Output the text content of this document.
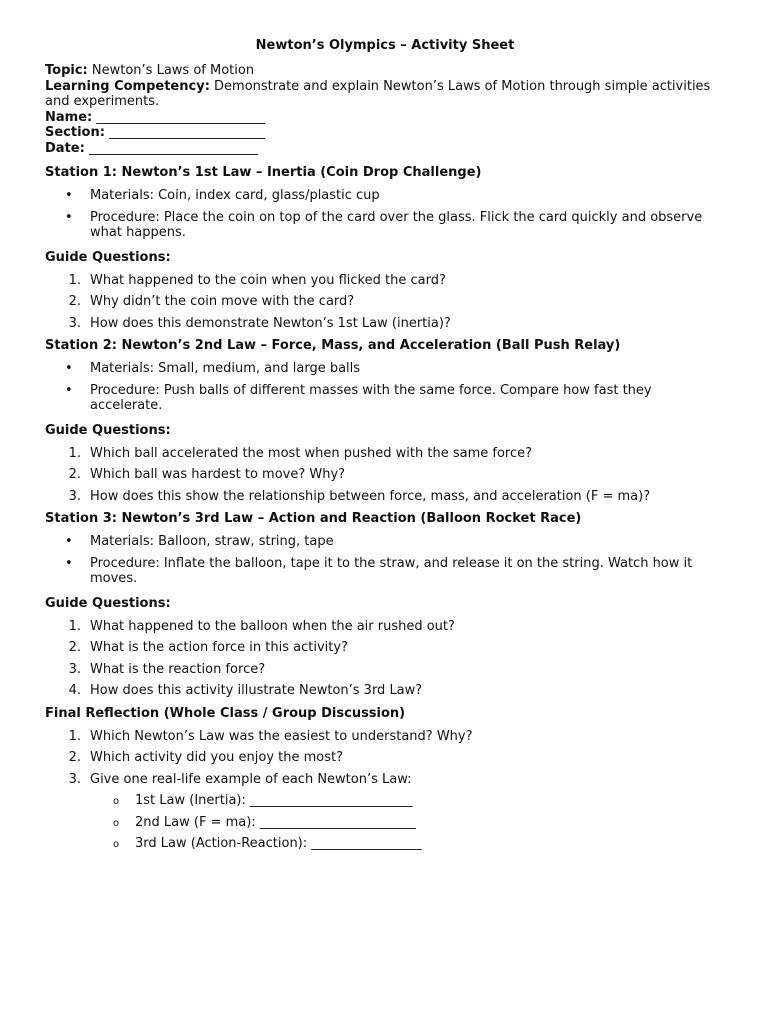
Newton’s Olympics – Activity Sheet

Topic: Newton’s Laws of Motion

Learning Competency: Demonstrate and explain Newton’s Laws of Motion through simple activities and experiments.

Name: __________________________

Section: ________________________

Date: __________________________

Station 1: Newton’s 1st Law – Inertia (Coin Drop Challenge)

• Materials: Coin, index card, glass/plastic cup
• Procedure: Place the coin on top of the card over the glass. Flick the card quickly and observe what happens.

Guide Questions:

1. What happened to the coin when you flicked the card?
2. Why didn’t the coin move with the card?
3. How does this demonstrate Newton’s 1st Law (inertia)?

Station 2: Newton’s 2nd Law – Force, Mass, and Acceleration (Ball Push Relay)

• Materials: Small, medium, and large balls
• Procedure: Push balls of different masses with the same force. Compare how fast they accelerate.

Guide Questions:

1. Which ball accelerated the most when pushed with the same force?
2. Which ball was hardest to move? Why?
3. How does this show the relationship between force, mass, and acceleration (F = ma)?

Station 3: Newton’s 3rd Law – Action and Reaction (Balloon Rocket Race)

• Materials: Balloon, straw, string, tape
• Procedure: Inflate the balloon, tape it to the straw, and release it on the string. Watch how it moves.

Guide Questions:

1. What happened to the balloon when the air rushed out?
2. What is the action force in this activity?
3. What is the reaction force?
4. How does this activity illustrate Newton’s 3rd Law?

Final Reflection (Whole Class / Group Discussion)

1. Which Newton’s Law was the easiest to understand? Why?
2. Which activity did you enjoy the most?
3. Give one real-life example of each Newton’s Law:
o 1st Law (Inertia): _________________________
o 2nd Law (F = ma): ________________________
o 3rd Law (Action-Reaction): _________________
